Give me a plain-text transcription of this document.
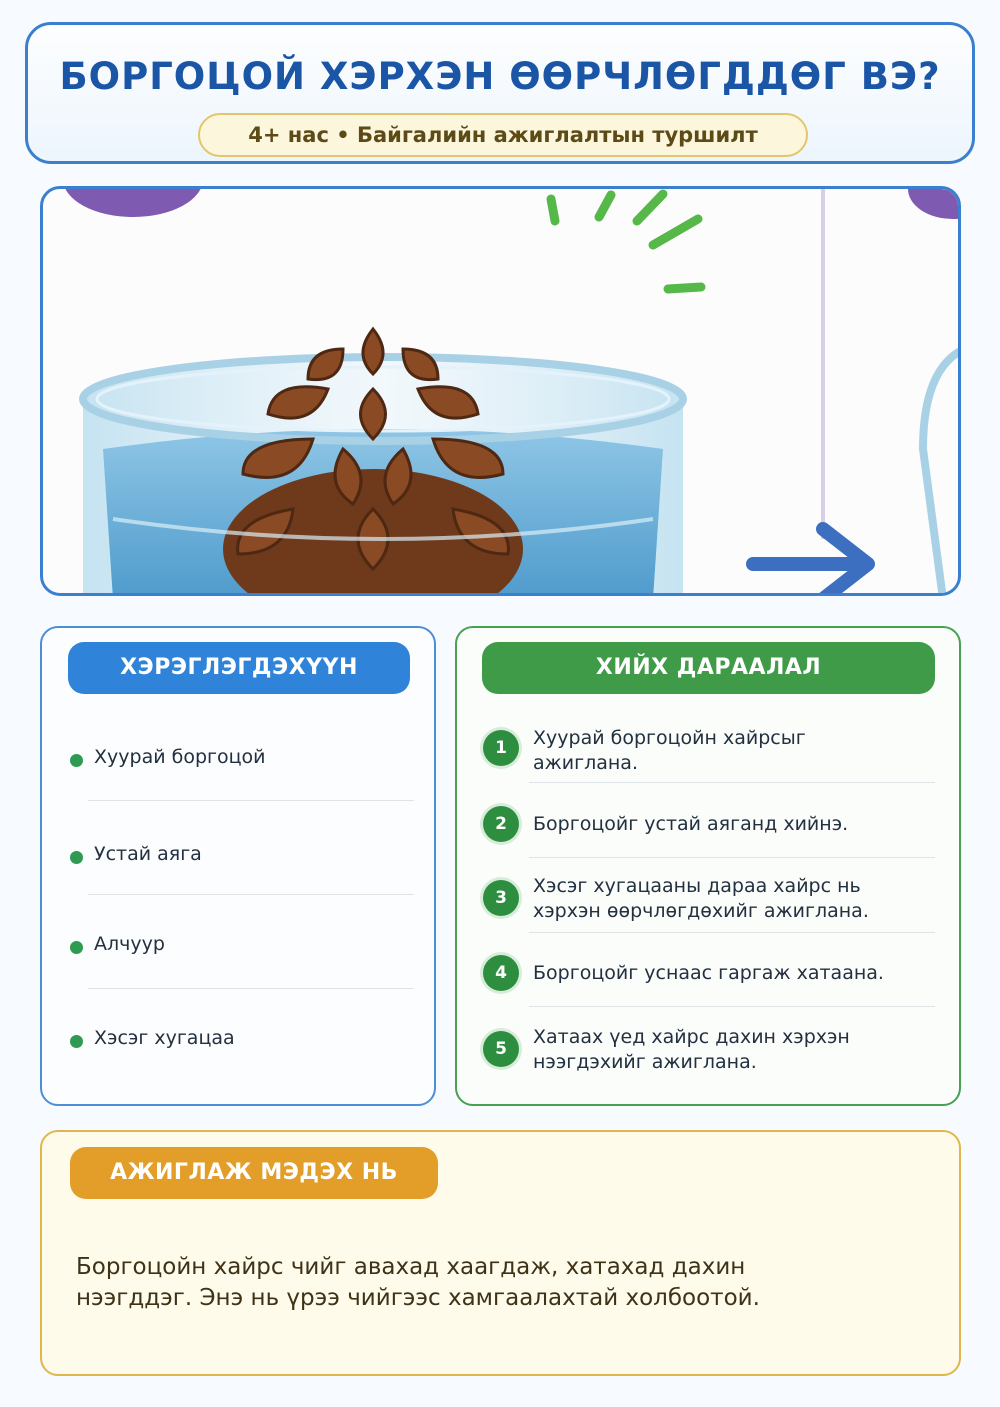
БОРГОЦОЙ ХЭРХЭН ӨӨРЧЛӨГДДӨГ ВЭ?
4+ нас • Байгалийн ажиглалтын туршилт
ХЭРЭГЛЭГДЭХҮҮН
Хуурай боргоцой
Устай аяга
Алчуур
Хэсэг хугацаа
ХИЙХ ДАРААЛАЛ
1	Хуурай боргоцойн хайрсыг
ажиглана.
2	Боргоцойг устай аяганд хийнэ.
3
Хэсэг хугацааны дараа хайрс нь
хэрхэн өөрчлөгдөхийг ажиглана.
4	Боргоцойг уснаас гаргаж хатаана.
5
Хатаах үед хайрс дахин хэрхэн
нээгдэхийг ажиглана.
АЖИГЛАЖ МЭДЭХ НЬ
Боргоцойн хайрс чийг авахад хаагдаж, хатахад дахин
нээгддэг. Энэ нь үрээ чийгээс хамгаалахтай холбоотой.
